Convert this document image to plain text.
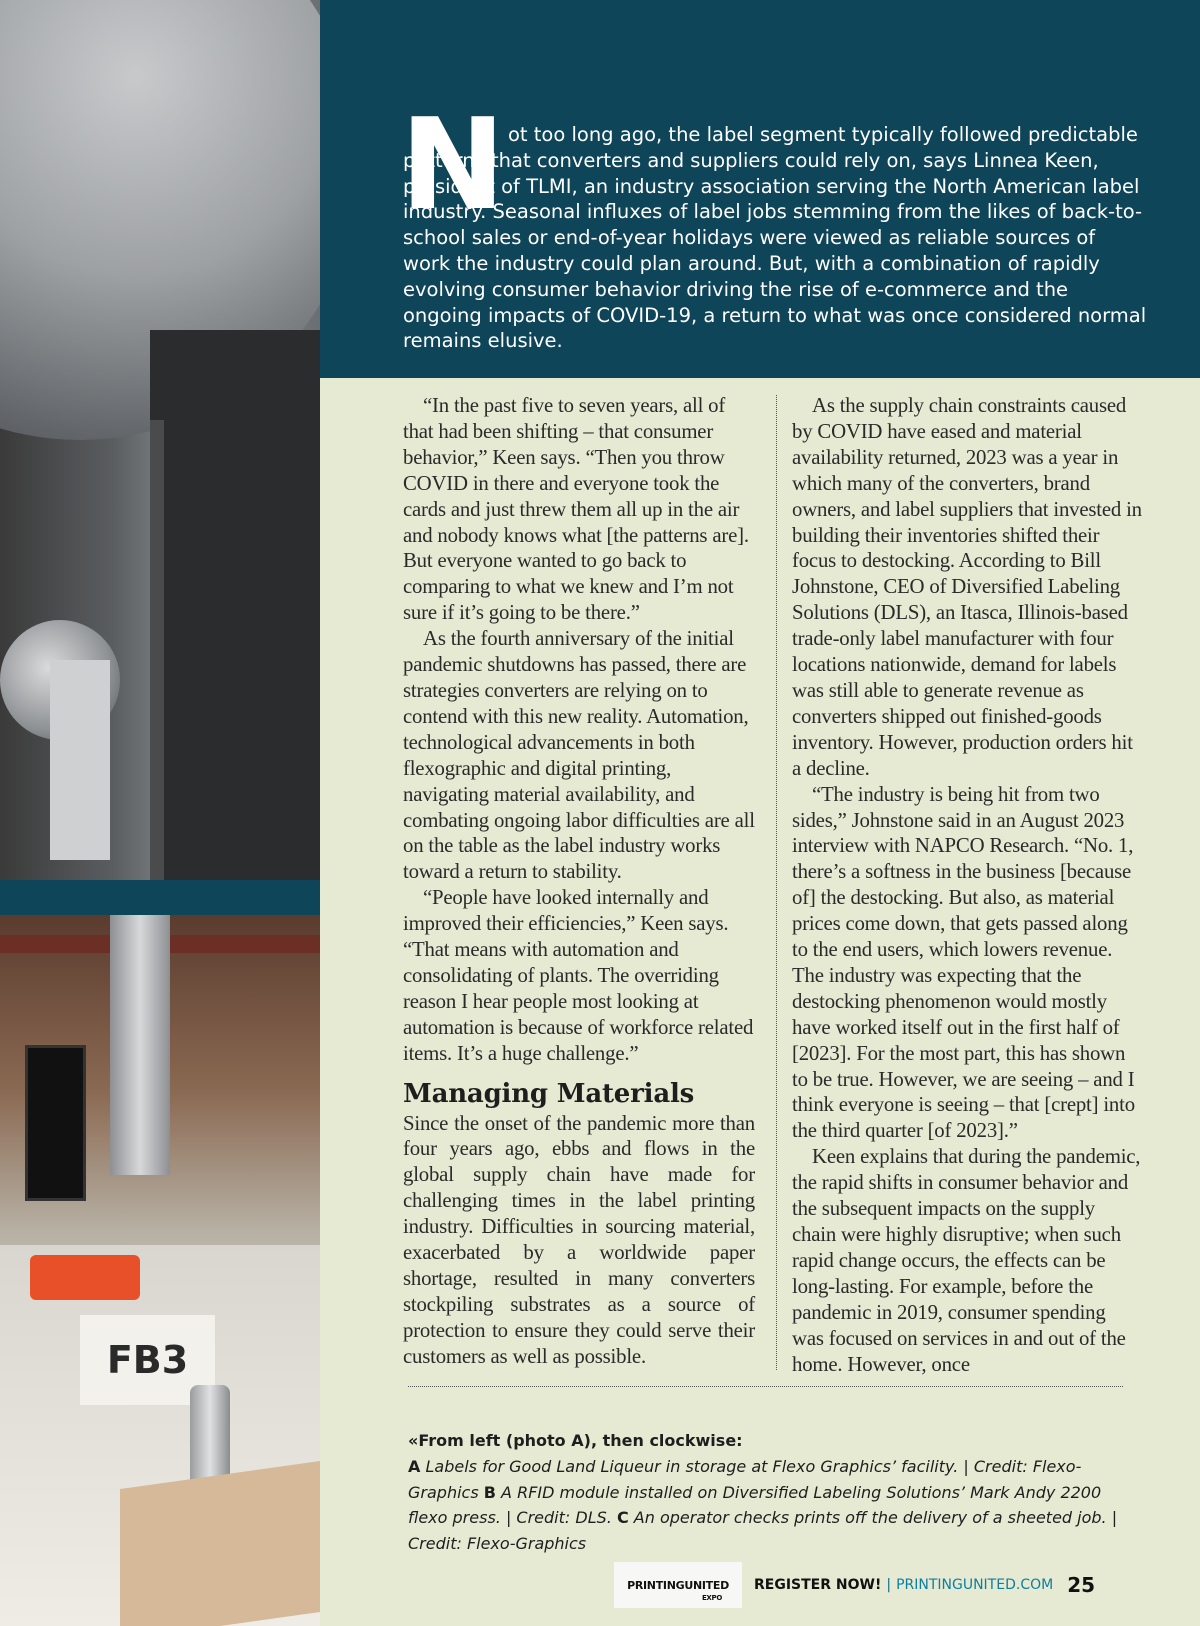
FB3
N ot too long ago, the label segment typically followed predictable patterns that converters and suppliers could rely on, says Linnea Keen, president of TLMI, an industry association serving the North American label industry. Seasonal influxes of label jobs stemming from the likes of back-to-school sales or end-of-year holidays were viewed as reliable sources of work the industry could plan around. But, with a combination of rapidly evolving consumer behavior driving the rise of e-commerce and the ongoing impacts of COVID-19, a return to what was once considered normal remains elusive.

“In the past five to seven years, all of that had been shifting – that consumer behavior,” Keen says. “Then you throw COVID in there and everyone took the cards and just threw them all up in the air and nobody knows what [the patterns are]. But everyone wanted to go back to comparing to what we knew and I’m not sure if it’s going to be there.”

As the fourth anniversary of the initial pandemic shutdowns has passed, there are strategies converters are relying on to contend with this new reality. Automation, technological advancements in both flexographic and digital printing, navigating material availability, and combating ongoing labor difficulties are all on the table as the label industry works toward a return to stability.

“People have looked internally and improved their efficiencies,” Keen says. “That means with automation and consolidating of plants. The overriding reason I hear people most looking at automation is because of workforce related items. It’s a huge challenge.”

Managing Materials

Since the onset of the pandemic more than four years ago, ebbs and flows in the global supply chain have made for challenging times in the label printing industry. Difficulties in sourcing material, exacerbated by a worldwide paper shortage, resulted in many converters stockpiling substrates as a source of protection to ensure they could serve their customers as well as possible.

As the supply chain constraints caused by COVID have eased and material availability returned, 2023 was a year in which many of the converters, brand owners, and label suppliers that invested in building their inventories shifted their focus to destocking. According to Bill Johnstone, CEO of Diversified Labeling Solutions (DLS), an Itasca, Illinois-based trade-only label manufacturer with four locations nationwide, demand for labels was still able to generate revenue as converters shipped out finished-goods inventory. However, production orders hit a decline.

“The industry is being hit from two sides,” Johnstone said in an August 2023 interview with NAPCO Research. “No. 1, there’s a softness in the business [because of] the destocking. But also, as material prices come down, that gets passed along to the end users, which lowers revenue. The industry was expecting that the destocking phenomenon would mostly have worked itself out in the first half of [2023]. For the most part, this has shown to be true. However, we are seeing – and I think everyone is seeing – that [crept] into the third quarter [of 2023].”

Keen explains that during the pandemic, the rapid shifts in consumer behavior and the subsequent impacts on the supply chain were highly disruptive; when such rapid change occurs, the effects can be long-lasting. For example, before the pandemic in 2019, consumer spending was focused on services in and out of the home. However, once

«From left (photo A), then clockwise:

A Labels for Good Land Liqueur in storage at Flexo Graphics’ facility. | Credit: Flexo-Graphics B A RFID module installed on Diversified Labeling Solutions’ Mark Andy 2200 flexo press. | Credit: DLS. C An operator checks prints off the delivery of a sheeted job. | Credit: Flexo-Graphics

PRINTINGUNITED
EXPO
REGISTER NOW! | PRINTINGUNITED.COM 25
